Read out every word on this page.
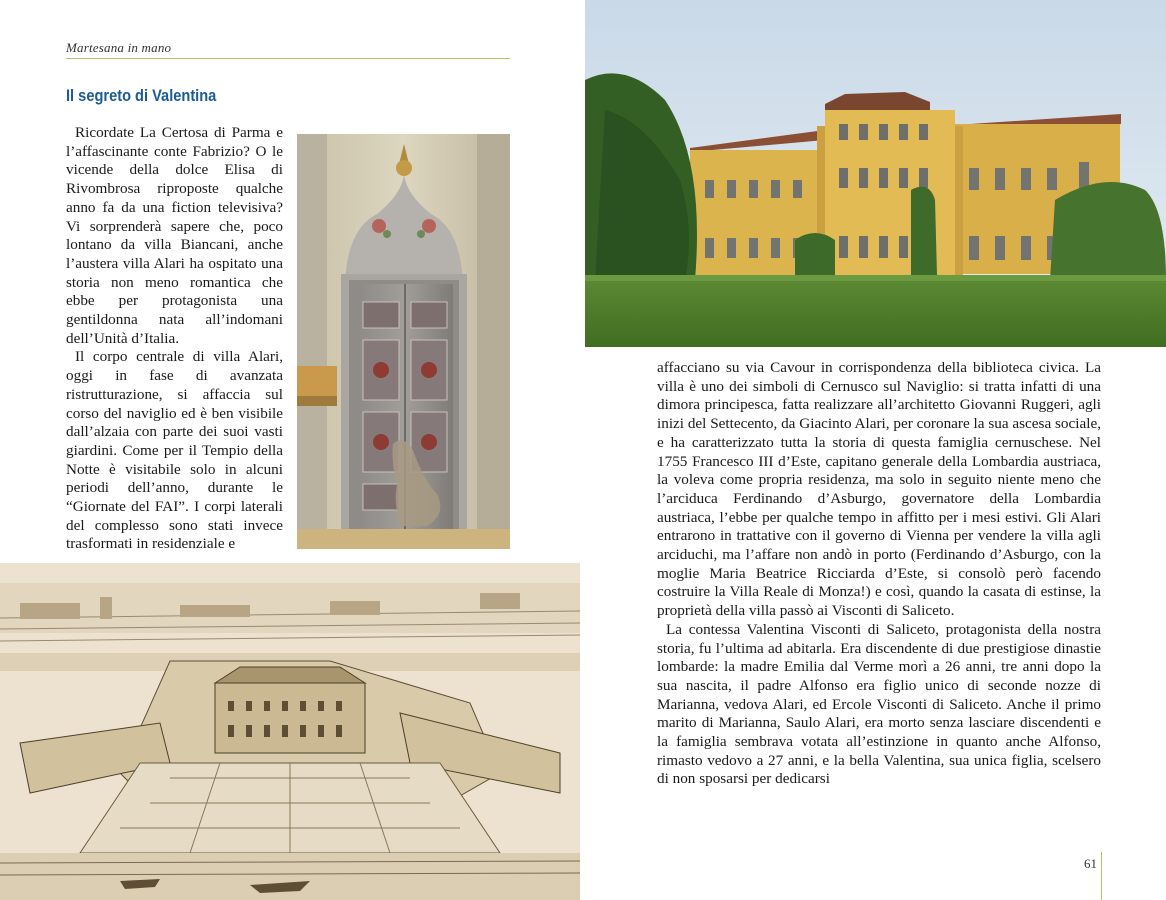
Martesana in mano
Il segreto di Valentina

Ricordate La Certosa di Parma e l’affascinante conte Fabrizio? O le vicende della dolce Elisa di Rivombrosa riproposte qualche anno fa da una fiction televisiva? Vi sorprenderà sapere che, poco lontano da villa Biancani, anche l’austera villa Alari ha ospitato una storia non meno romantica che ebbe per protagonista una gentildonna nata all’indomani dell’Unità d’Italia.

Il corpo centrale di villa Alari, oggi in fase di avanzata ristrutturazione, si affaccia sul corso del naviglio ed è ben visibile dall’alzaia con parte dei suoi vasti giardini. Come per il Tempio della Notte è visitabile solo in alcuni periodi dell’anno, durante le “Giornate del FAI”. I corpi laterali del complesso sono stati invece trasformati in residenziale e

affacciano su via Cavour in corrispondenza della biblioteca civica. La villa è uno dei simboli di Cernusco sul Naviglio: si tratta infatti di una dimora principesca, fatta realizzare all’architetto Giovanni Ruggeri, agli inizi del Settecento, da Giacinto Alari, per coronare la sua ascesa sociale, e ha caratterizzato tutta la storia di questa famiglia cernuschese. Nel 1755 Francesco III d’Este, capitano generale della Lombardia austriaca, la voleva come propria residenza, ma solo in seguito niente meno che l’arciduca Ferdinando d’Asburgo, governatore della Lombardia austriaca, l’ebbe per qualche tempo in affitto per i mesi estivi. Gli Alari entrarono in trattative con il governo di Vienna per vendere la villa agli arciduchi, ma l’affare non andò in porto (Ferdinando d’Asburgo, con la moglie Maria Beatrice Ricciarda d’Este, si consolò però facendo costruire la Villa Reale di Monza!) e così, quando la casata di estinse, la proprietà della villa passò ai Visconti di Saliceto.

La contessa Valentina Visconti di Saliceto, protagonista della nostra storia, fu l’ultima ad abitarla. Era discendente di due prestigiose dinastie lombarde: la madre Emilia dal Verme morì a 26 anni, tre anni dopo la sua nascita, il padre Alfonso era figlio unico di seconde nozze di Marianna, vedova Alari, ed Ercole Visconti di Saliceto. Anche il primo marito di Marianna, Saulo Alari, era morto senza lasciare discendenti e la famiglia sembrava votata all’estinzione in quanto anche Alfonso, rimasto vedovo a 27 anni, e la bella Valentina, sua unica figlia, scelsero di non sposarsi per dedicarsi

61
